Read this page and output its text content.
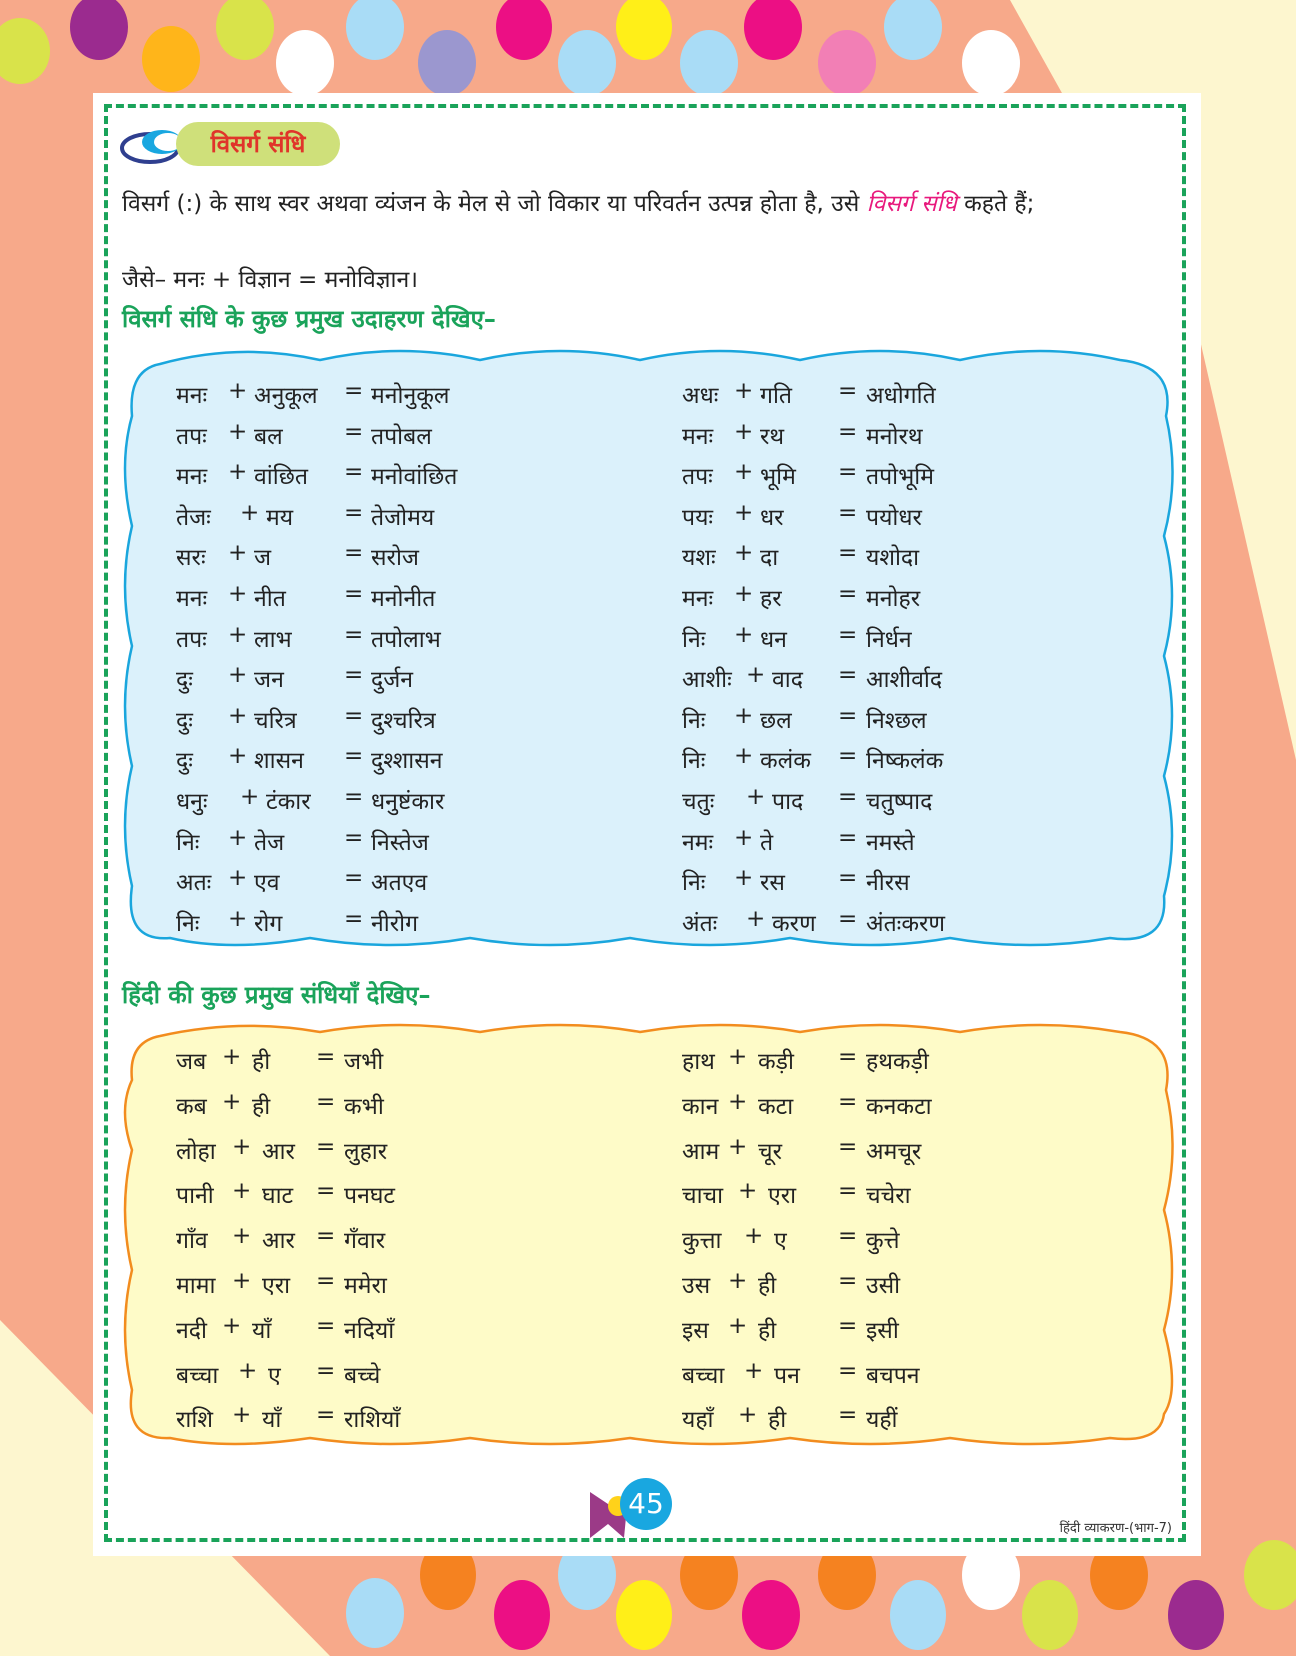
विसर्ग संधि
विसर्ग (:) के साथ स्वर अथवा व्यंजन के मेल से जो विकार या परिवर्तन उत्पन्न होता है, उसे विसर्ग संधि कहते हैं;
जैसे– मनः + विज्ञान = मनोविज्ञान।
विसर्ग संधि के कुछ प्रमुख उदाहरण देखिए–
मनः + अनुकूल = मनोनुकूल
तपः + बल	= तपोबल
मनः + वांछित = मनोवांछित
तेजः + मय = तेजोमय
सरः + ज	= सरोज
मनः + नीत	= मनोनीत
तपः + लाभ = तपोलाभ
दुः + जन	= दुर्जन
दुः + चरित्र = दुश्चरित्र
दुः + शासन = दुश्शासन
धनुः + टंकार = धनुष्टंकार
निः + तेज	= निस्तेज
अतः + एव	= अतएव
निः + रोग	= नीरोग
अधः + गति = अधोगति
मनः + रथ = मनोरथ
तपः + भूमि = तपोभूमि
पयः + धर = पयोधर
यशः + दा	= यशोदा
मनः + हर = मनोहर
निः + धन = निर्धन
आशीः + वाद = आशीर्वाद
निः + छल = निश्छल
निः + कलंक = निष्कलंक
चतुः + पाद = चतुष्पाद
नमः + ते	= नमस्ते
निः + रस = नीरस
अंतः + करण = अंतःकरण
हिंदी की कुछ प्रमुख संधियाँ देखिए–
जब + ही = जभी
कब + ही = कभी
लोहा + आर = लुहार
पानी + घाट = पनघट
गाँव + आर = गँवार
मामा + एरा = ममेरा
नदी + याँ = नदियाँ
बच्चा + ए = बच्चे
राशि + याँ = राशियाँ
हाथ + कड़ी = हथकड़ी
कान + कटा = कनकटा
आम + चूर = अमचूर
चाचा + एरा = चचेरा
कुत्ता + ए = कुत्ते
उस + ही	= उसी
इस + ही	= इसी
बच्चा + पन = बचपन
यहाँ + ही = यहीं
45
हिंदी व्याकरण-(भाग-7)
